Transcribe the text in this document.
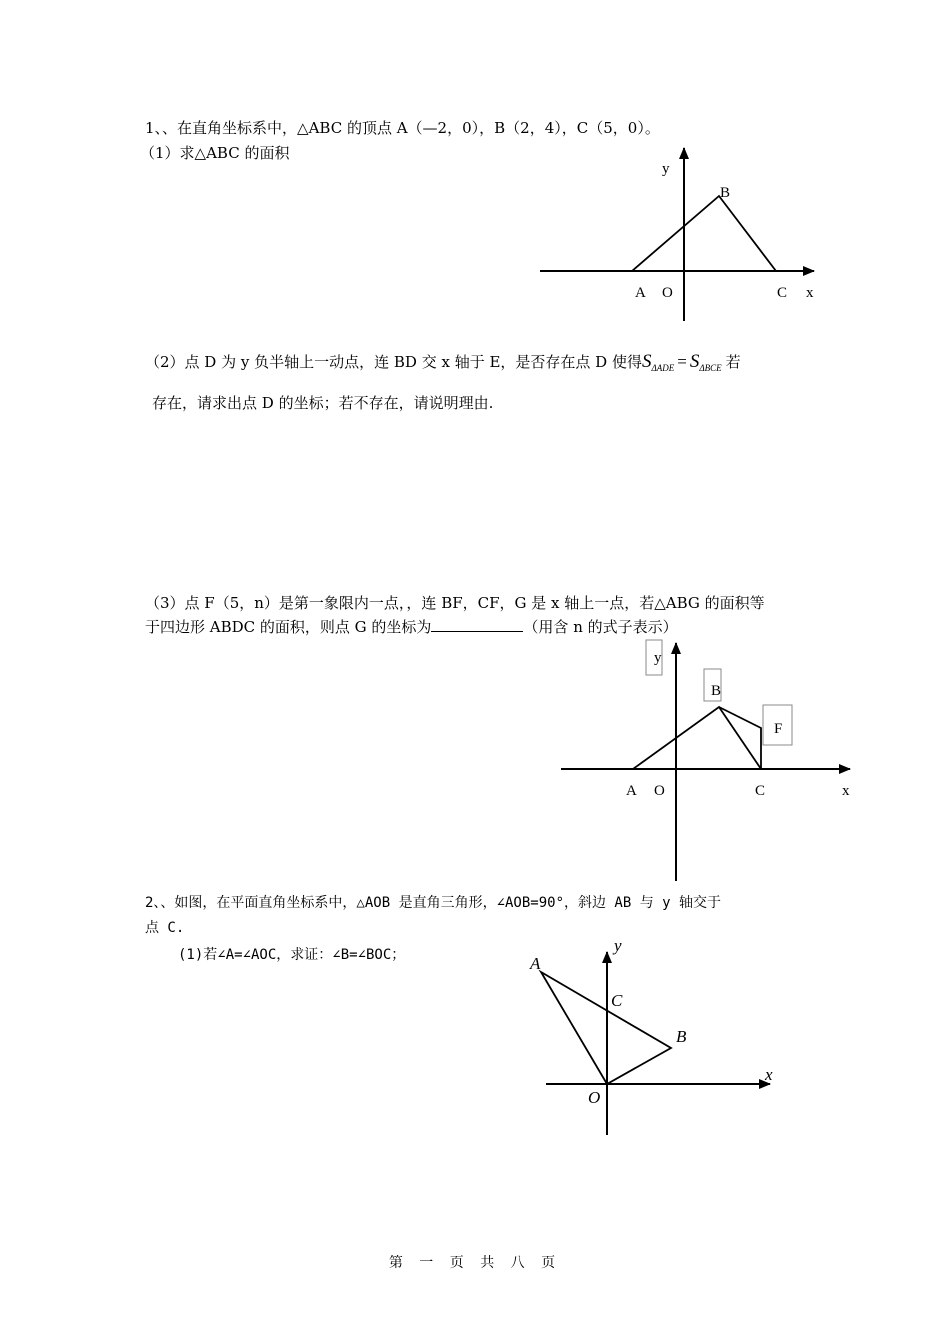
1、、在直角坐标系中，△ABC 的顶点 A（—2，0），B（2，4），C（5，0）。
（1）求△ABC 的面积
（2）点 D 为 y 负半轴上一动点，连 BD 交 x 轴于 E，是否存在点 D 使得$S_{\Delta ADE} = S_{\Delta BCE}$ 若
存在，请求出点 D 的坐标；若不存在，请说明理由.
（3）点 F（5，n）是第一象限内一点，，连 BF，CF，G 是 x 轴上一点，若△ABG 的面积等
于四边形 ABDC 的面积，则点 G 的坐标为	（用含 n 的式子表示）
2、、如图，在平面直角坐标系中，△AOB 是直角三角形，∠AOB=90°，斜边 AB 与 y 轴交于
点 C.
(1)若∠A=∠AOC，求证：∠B=∠BOC；
y
B
A O	C x
y
B
F
A O	C	x
y
A
C
B
x
O
第 一 页 共 八 页
